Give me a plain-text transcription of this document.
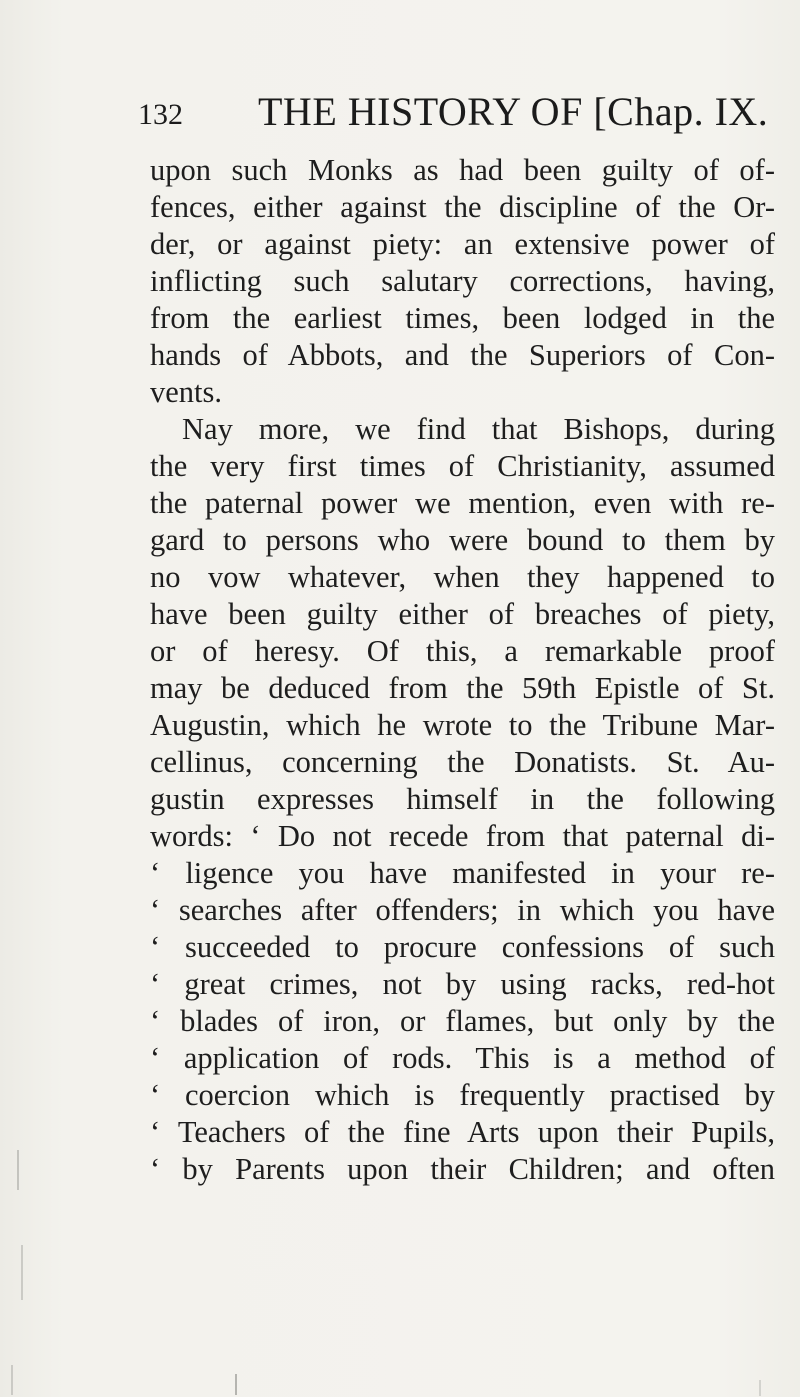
132 THE HISTORY OF [Chap. IX.
upon such Monks as had been guilty of of-
fences, either against the discipline of the Or-
der, or against piety: an extensive power of
inflicting such salutary corrections, having,
from the earliest times, been lodged in the
hands of Abbots, and the Superiors of Con-
vents.
Nay more, we find that Bishops, during
the very first times of Christianity, assumed
the paternal power we mention, even with re-
gard to persons who were bound to them by
no vow whatever, when they happened to
have been guilty either of breaches of piety,
or of heresy. Of this, a remarkable proof
may be deduced from the 59th Epistle of St.
Augustin, which he wrote to the Tribune Mar-
cellinus, concerning the Donatists. St. Au-
gustin expresses himself in the following
words: ‘ Do not recede from that paternal di-
‘ ligence you have manifested in your re-
‘ searches after offenders; in which you have
‘ succeeded to procure confessions of such
‘ great crimes, not by using racks, red-hot
‘ blades of iron, or flames, but only by the
‘ application of rods. This is a method of
‘ coercion which is frequently practised by
‘ Teachers of the fine Arts upon their Pupils,
‘ by Parents upon their Children; and often
